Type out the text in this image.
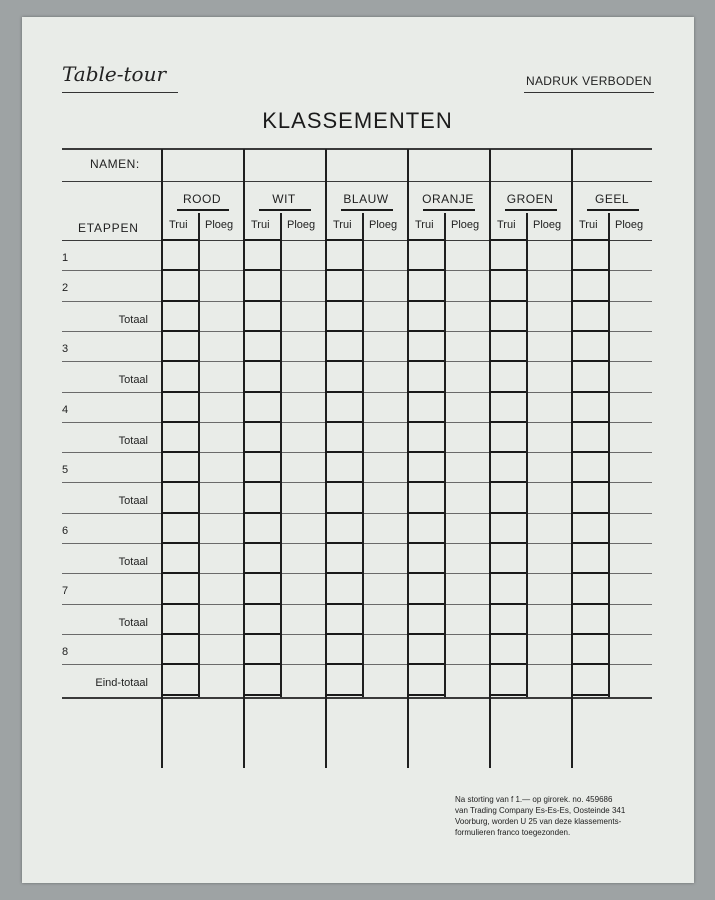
Table-tour	NADRUK VERBODEN
KLASSEMENTEN
ROOD
Trui Ploeg
WIT
Trui Ploeg
BLAUW
Trui Ploeg
ORANJE
Trui Ploeg
GROEN
Trui Ploeg
GEEL
Trui Ploeg
NAMEN:
ETAPPEN
1
2
Totaal
3
Totaal
4
Totaal
5
Totaal
6
Totaal
7
Totaal
8
Eind-totaal
Na storting van f 1.— op girorek. no. 459686
van Trading Company Es-Es-Es, Oosteinde 341
Voorburg, worden U 25 van deze klassements-
formulieren franco toegezonden.
